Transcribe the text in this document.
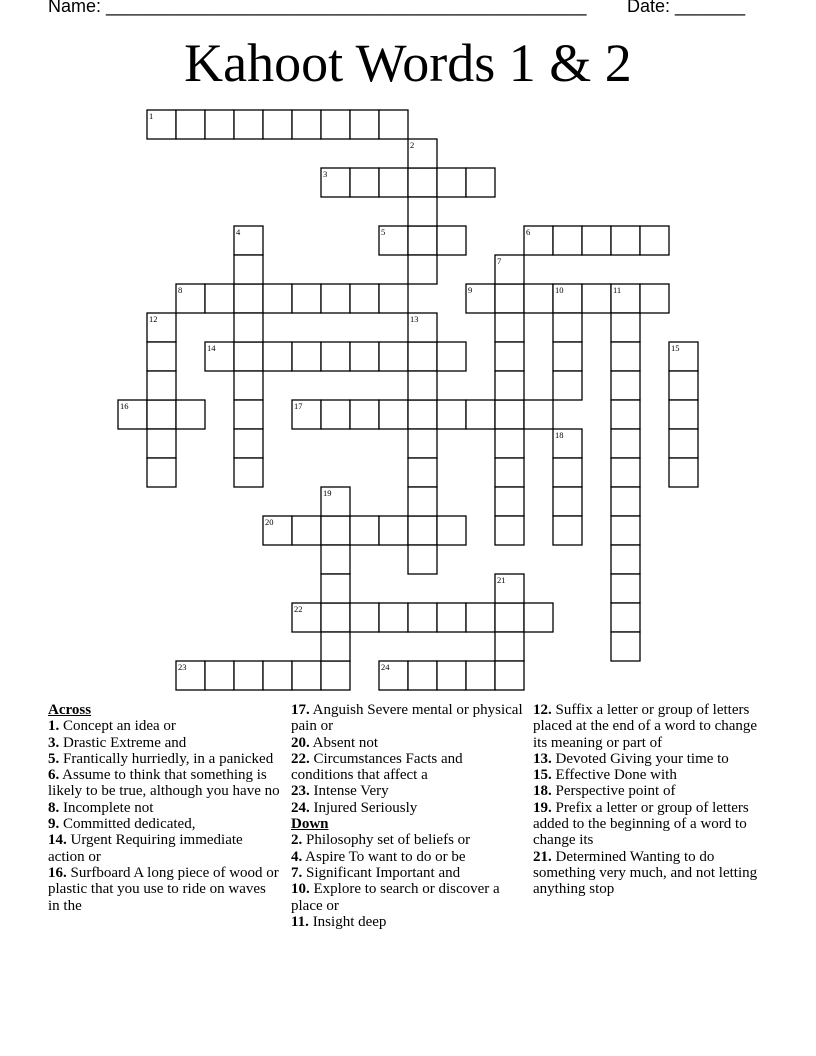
Name: ________________________________________________ Date: _______
Kahoot Words 1 & 2
1
3
5	6
8	9
14
16	17
20
22
23	24
2
4
7
10	11
12	13
15
18
19
21

Across

1. Concept an idea or

3. Drastic Extreme and

5. Frantically hurriedly, in a panicked

6. Assume to think that something is likely to be true, although you have no

8. Incomplete not

9. Committed dedicated,

14. Urgent Requiring immediate action or

16. Surfboard A long piece of wood or plastic that you use to ride on waves in the

17. Anguish Severe mental or physical pain or

20. Absent not

22. Circumstances Facts and conditions that affect a

23. Intense Very

24. Injured Seriously

Down

2. Philosophy set of beliefs or

4. Aspire To want to do or be

7. Significant Important and

10. Explore to search or discover a place or

11. Insight deep

12. Suffix a letter or group of letters placed at the end of a word to change its meaning or part of

13. Devoted Giving your time to

15. Effective Done with

18. Perspective point of

19. Prefix a letter or group of letters added to the beginning of a word to change its

21. Determined Wanting to do something very much, and not letting anything stop
